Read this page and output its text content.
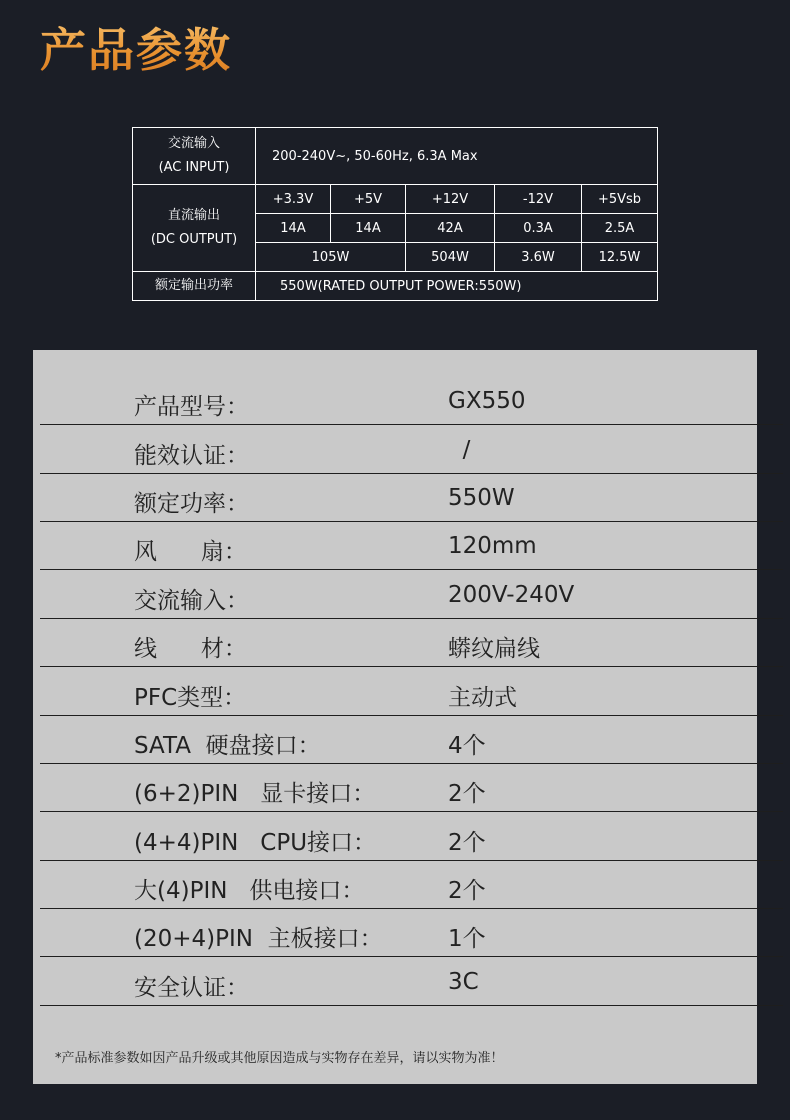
产品参数
交流输入
(AC INPUT)	200-240V~, 50-60Hz, 6.3A Max				

直流输出
(DC OUTPUT)	+3.3V	+5V	+12V	-12V	+5Vsb
	14A	14A	42A	0.3A	2.5A
	105W		504W	3.6W	12.5W
额定输出功率	550W(RATED OUTPUT POWER:550W)				
产品型号：	GX550
能效认证：	/
额定功率：	550W
风      扇：	120mm
交流输入：	200V-240V
线      材：	蟒纹扁线
PFC类型：	主动式
SATA  硬盘接口：	4个
(6+2)PIN   显卡接口：	2个
(4+4)PIN   CPU接口：	2个
大(4)PIN   供电接口：	2个
(20+4)PIN  主板接口：	1个
安全认证：	3C
*产品标准参数如因产品升级或其他原因造成与实物存在差异，请以实物为准！
